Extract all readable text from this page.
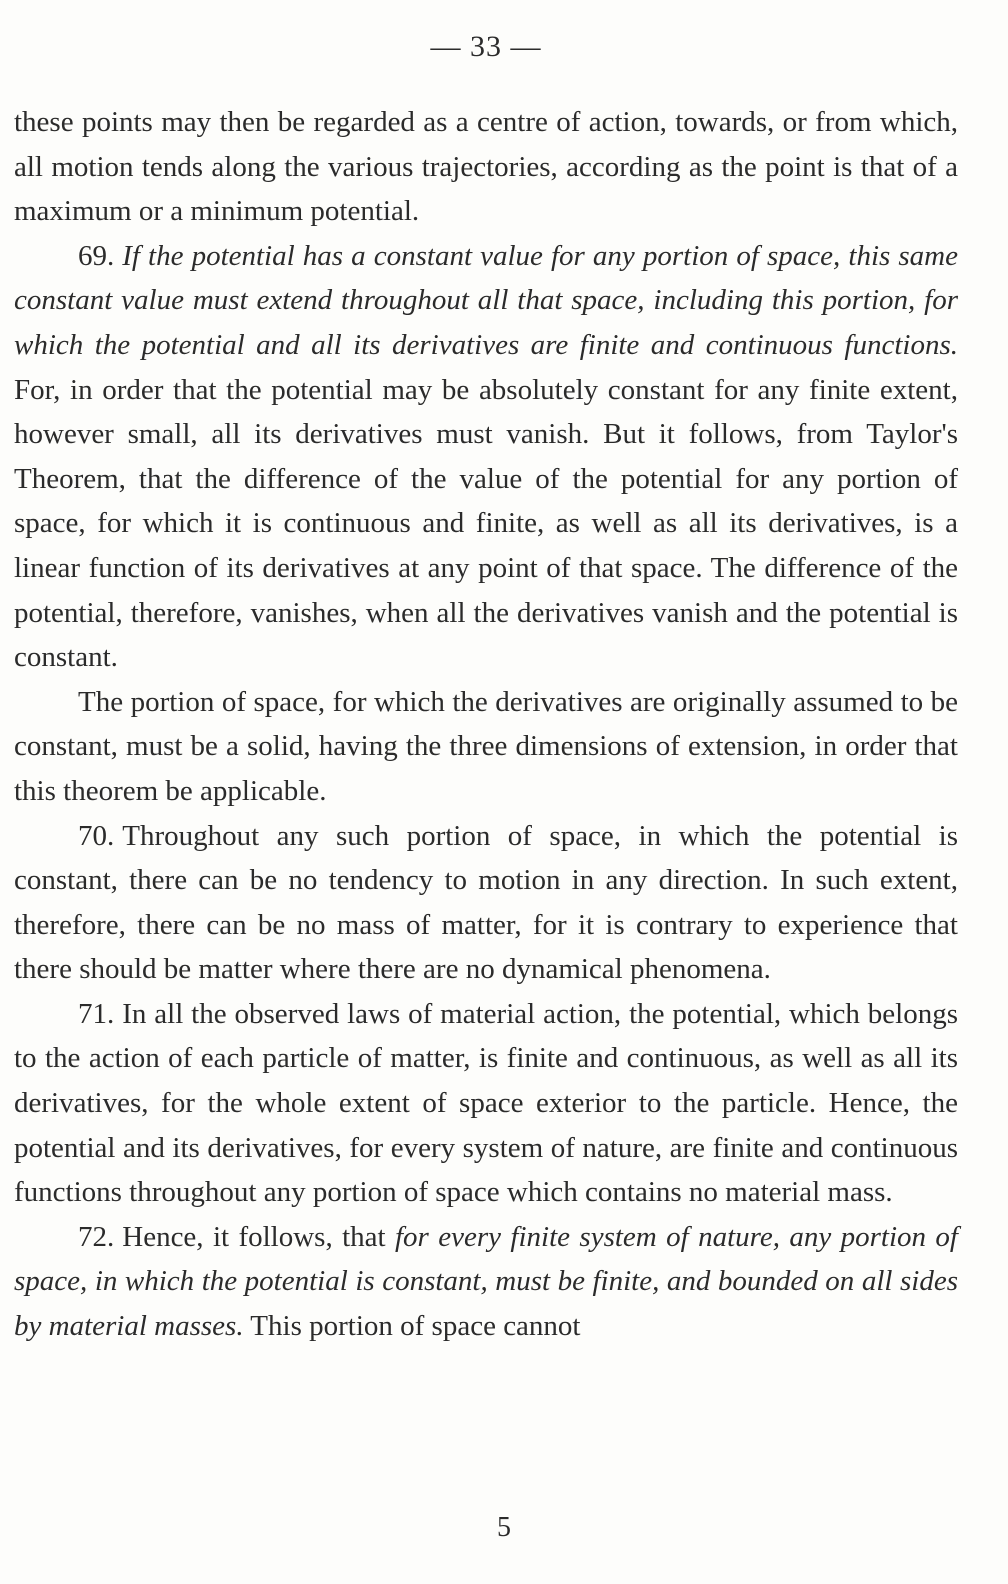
— 33 —

these points may then be regarded as a centre of action, towards, or from which, all motion tends along the various trajectories, according as the point is that of a maximum or a minimum potential.

69. If the potential has a constant value for any portion of space, this same constant value must extend throughout all that space, including this portion, for which the potential and all its derivatives are finite and continuous functions. For, in order that the potential may be absolutely constant for any finite extent, however small, all its derivatives must vanish. But it follows, from Taylor's Theorem, that the difference of the value of the potential for any portion of space, for which it is continuous and finite, as well as all its derivatives, is a linear function of its derivatives at any point of that space. The difference of the potential, therefore, vanishes, when all the derivatives vanish and the potential is constant.

The portion of space, for which the derivatives are originally assumed to be constant, must be a solid, having the three dimensions of extension, in order that this theorem be applicable.

70. Throughout any such portion of space, in which the potential is constant, there can be no tendency to motion in any direction. In such extent, therefore, there can be no mass of matter, for it is contrary to experience that there should be matter where there are no dynamical phenomena.

71. In all the observed laws of material action, the potential, which belongs to the action of each particle of matter, is finite and continuous, as well as all its derivatives, for the whole extent of space exterior to the particle. Hence, the potential and its derivatives, for every system of nature, are finite and continuous functions throughout any portion of space which contains no material mass.

72. Hence, it follows, that for every finite system of nature, any portion of space, in which the potential is constant, must be finite, and bounded on all sides by material masses. This portion of space cannot

5
